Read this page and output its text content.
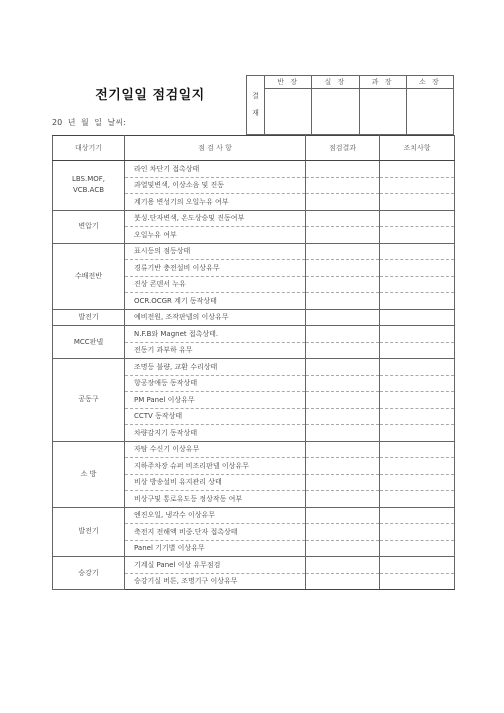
전기일일 점검일지
20 년 월 일 날씨:
결

재	반 장	실 장	과 장	소 장

대상기기	점 검 사 항	점검결과	조치사항
LBS.MOF,
VCB.ACB	라인 차단기 접촉상태		
	과열및변색, 이상소음 및 진동		
	계기용 변성기의 오일누유 여부		
변압기	붓싱.단자변색, 온도상승및 진동여부		
	오일누유 여부		
수배전반	표시등의 점등상태		
	경류기반 충전설비 이상유무		
	진상 콘덴서 누유		
	OCR.OCGR 계기 동작상태		
발전기	예비전원, 조작판넬의 이상유무		
MCC판넬	N.F.B와 Magnet 접촉상태.		
	전동기 과부하 유무		
공동구	조명등 불량, 교환 수리상태		
	항공장애등 동작상태		
	PM Panel 이상유무		
	CCTV 동작상태		
	차량감지기 동작상태		
소 방	자탐 수신기 이상유무		
	지하주차장 슈퍼 비조리판넬 이상유무		
	비상 방송설비 유지관리 상태		
	비상구및 통로유도등 정상작동 여부		
발전기	엔진오일, 냉각수 이상유무		
	축전지 전해액 비중.단자 접촉상태		
	Panel 기기별 이상유무		
승강기	기계실 Panel 이상 유무점검		
	승강기실 버튼, 조명기구 이상유무		
